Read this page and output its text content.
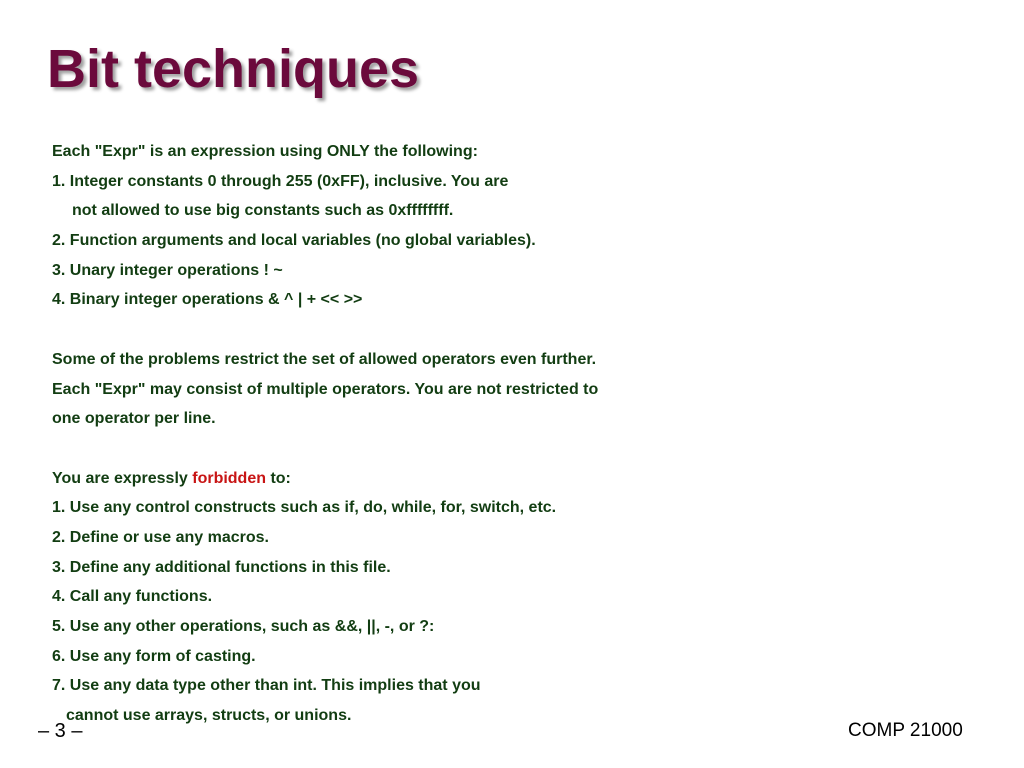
Bit techniques
Each "Expr" is an expression using ONLY the following:
1. Integer constants 0 through 255 (0xFF), inclusive. You are
not allowed to use big constants such as 0xffffffff.
2. Function arguments and local variables (no global variables).
3. Unary integer operations ! ~
4. Binary integer operations & ^ | + << >>
Some of the problems restrict the set of allowed operators even further.
Each "Expr" may consist of multiple operators. You are not restricted to
one operator per line.
You are expressly forbidden to:
1. Use any control constructs such as if, do, while, for, switch, etc.
2. Define or use any macros.
3. Define any additional functions in this file.
4. Call any functions.
5. Use any other operations, such as &&, ||, -, or ?:
6. Use any form of casting.
7. Use any data type other than int. This implies that you
cannot use arrays, structs, or unions.
– 3 –	COMP 21000
